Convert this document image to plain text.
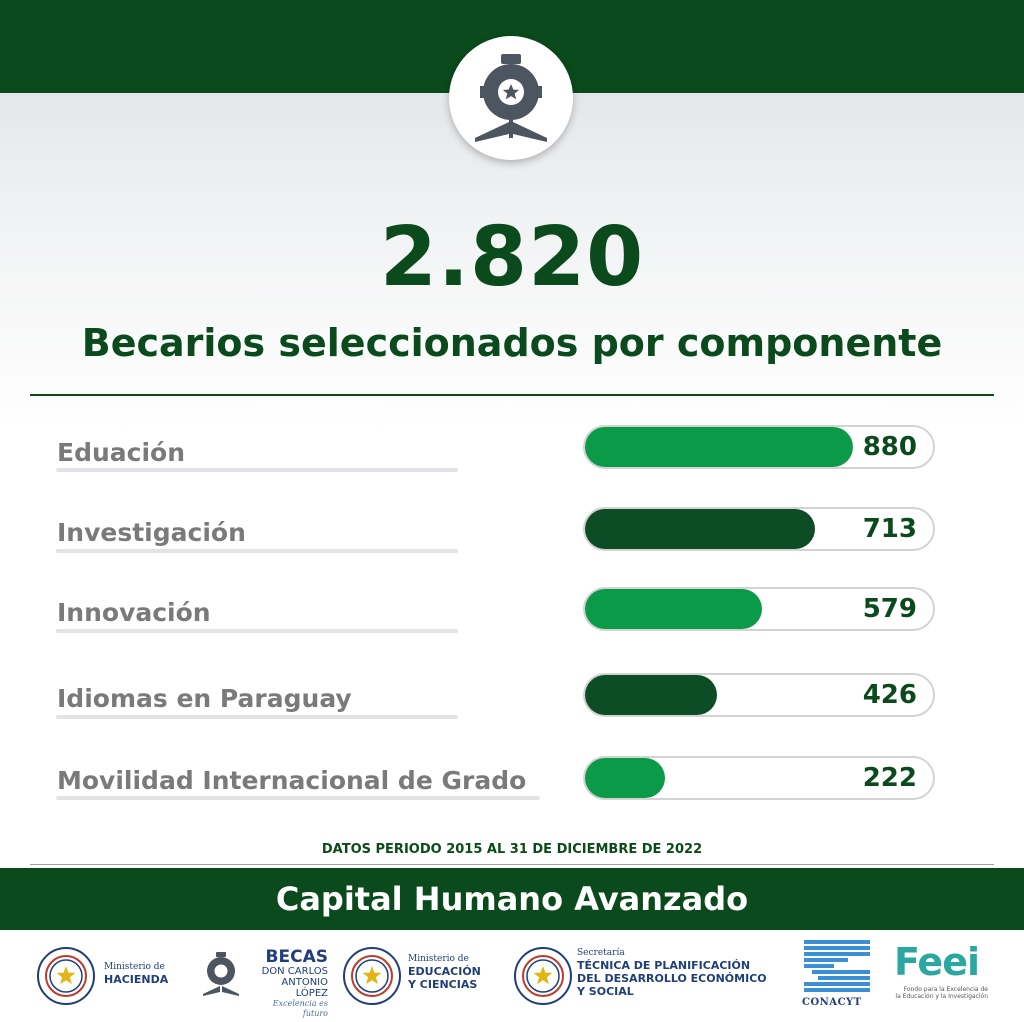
2.820
Becarios seleccionados por componente
Eduación	880
Investigación	713
Innovación	579
Idiomas en Paraguay	426
Movilidad Internacional de Grado	222
DATOS PERIODO 2015 AL 31 DE DICIEMBRE DE 2022
Capital Humano Avanzado
Ministerio de
HACIENDA
BECAS
DON CARLOS
ANTONIO LÓPEZ
Excelencia es futuro
Ministerio de
EDUCACIÓN
Y CIENCIAS
Secretaría
TÉCNICA DE PLANIFICACIÓN
DEL DESARROLLO ECONÓMICO
Y SOCIAL
CONACYT
Feei
Fondo para la Excelencia de
la Educación y la Investigación
